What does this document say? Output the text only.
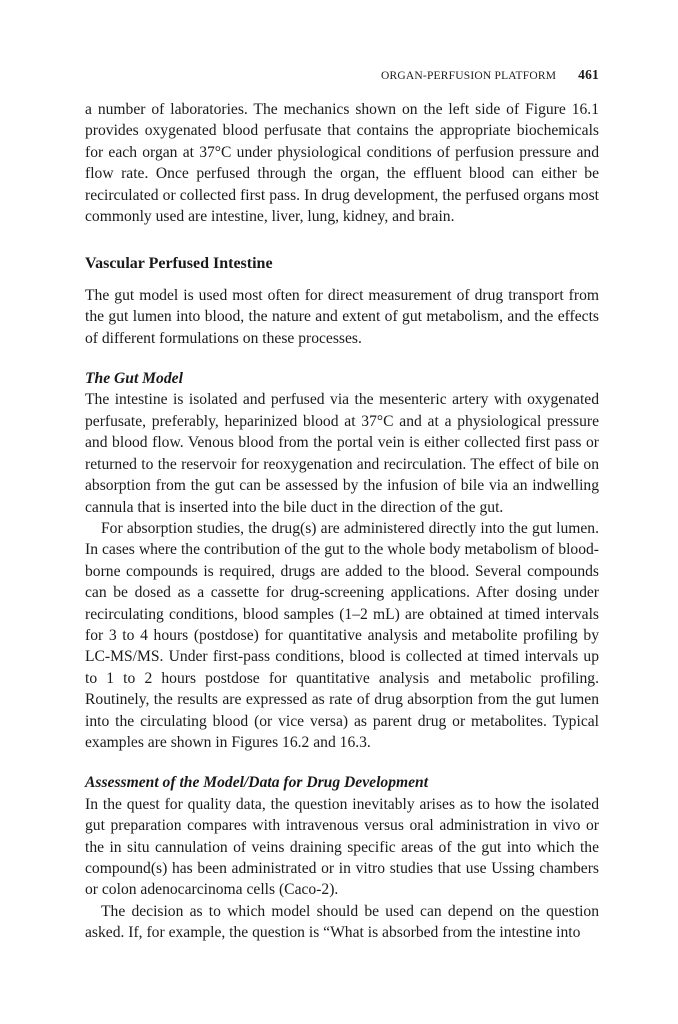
ORGAN-PERFUSION PLATFORM 461

a number of laboratories. The mechanics shown on the left side of Figure 16.1 provides oxygenated blood perfusate that contains the appropriate biochemicals for each organ at 37°C under physiological conditions of perfusion pressure and flow rate. Once perfused through the organ, the effluent blood can either be recirculated or collected first pass. In drug development, the perfused organs most commonly used are intestine, liver, lung, kidney, and brain.

Vascular Perfused Intestine

The gut model is used most often for direct measurement of drug transport from the gut lumen into blood, the nature and extent of gut metabolism, and the effects of different formulations on these processes.

The Gut Model

The intestine is isolated and perfused via the mesenteric artery with oxygenated perfusate, preferably, heparinized blood at 37°C and at a physiological pressure and blood flow. Venous blood from the portal vein is either collected first pass or returned to the reservoir for reoxygenation and recirculation. The effect of bile on absorption from the gut can be assessed by the infusion of bile via an indwelling cannula that is inserted into the bile duct in the direction of the gut.

For absorption studies, the drug(s) are administered directly into the gut lumen. In cases where the contribution of the gut to the whole body metabolism of blood-borne compounds is required, drugs are added to the blood. Several compounds can be dosed as a cassette for drug-screening applications. After dosing under recirculating conditions, blood samples (1–2 mL) are obtained at timed intervals for 3 to 4 hours (postdose) for quantitative analysis and metabolite profiling by LC-MS/MS. Under first-pass conditions, blood is collected at timed intervals up to 1 to 2 hours postdose for quantitative analysis and metabolic profiling. Routinely, the results are expressed as rate of drug absorption from the gut lumen into the circulating blood (or vice versa) as parent drug or metabolites. Typical examples are shown in Figures 16.2 and 16.3.

Assessment of the Model/Data for Drug Development

In the quest for quality data, the question inevitably arises as to how the isolated gut preparation compares with intravenous versus oral administration in vivo or the in situ cannulation of veins draining specific areas of the gut into which the compound(s) has been administrated or in vitro studies that use Ussing chambers or colon adenocarcinoma cells (Caco-2).

The decision as to which model should be used can depend on the question asked. If, for example, the question is “What is absorbed from the intestine into
